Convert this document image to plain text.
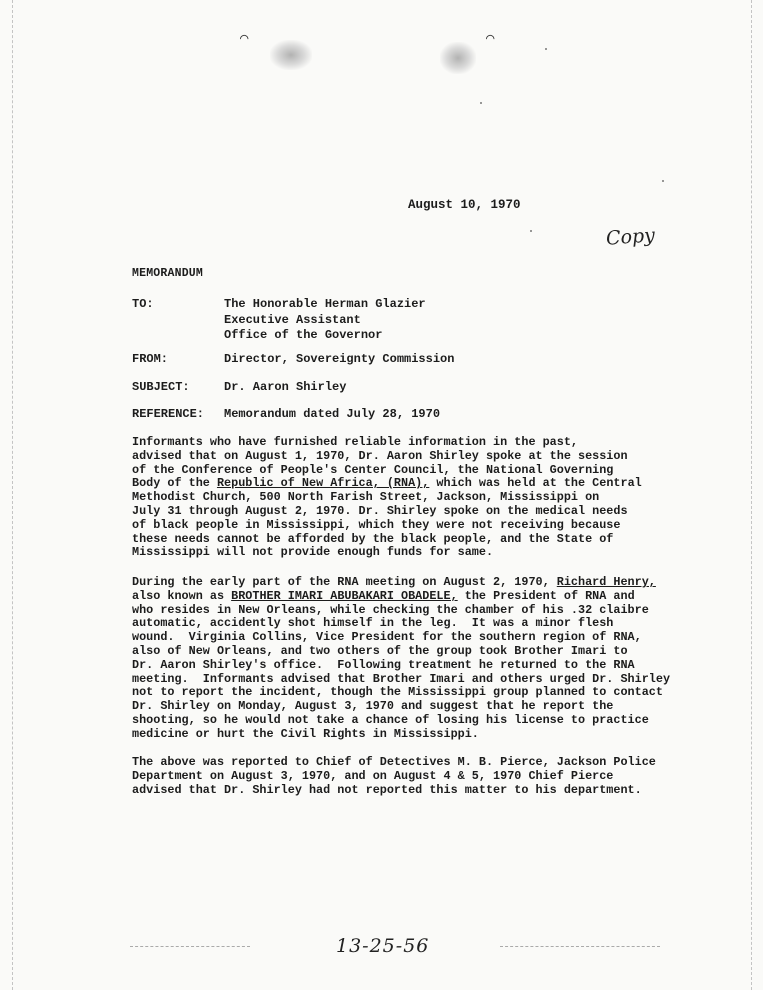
⌒	⌒
August 10, 1970
Copy
MEMORANDUM
TO:	The Honorable Herman Glazier
Executive Assistant
Office of the Governor
FROM:	Director, Sovereignty Commission
SUBJECT:	Dr. Aaron Shirley
REFERENCE:	Memorandum dated July 28, 1970
Informants who have furnished reliable information in the past,
advised that on August 1, 1970, Dr. Aaron Shirley spoke at the session
of the Conference of People's Center Council, the National Governing
Body of the Republic of New Africa, (RNA), which was held at the Central
Methodist Church, 500 North Farish Street, Jackson, Mississippi on
July 31 through August 2, 1970. Dr. Shirley spoke on the medical needs
of black people in Mississippi, which they were not receiving because
these needs cannot be afforded by the black people, and the State of
Mississippi will not provide enough funds for same.
During the early part of the RNA meeting on August 2, 1970, Richard Henry,
also known as BROTHER IMARI ABUBAKARI OBADELE, the President of RNA and
who resides in New Orleans, while checking the chamber of his .32 claibre
automatic, accidently shot himself in the leg.  It was a minor flesh
wound.  Virginia Collins, Vice President for the southern region of RNA,
also of New Orleans, and two others of the group took Brother Imari to
Dr. Aaron Shirley's office.  Following treatment he returned to the RNA
meeting.  Informants advised that Brother Imari and others urged Dr. Shirley
not to report the incident, though the Mississippi group planned to contact
Dr. Shirley on Monday, August 3, 1970 and suggest that he report the
shooting, so he would not take a chance of losing his license to practice
medicine or hurt the Civil Rights in Mississippi.
The above was reported to Chief of Detectives M. B. Pierce, Jackson Police
Department on August 3, 1970, and on August 4 & 5, 1970 Chief Pierce
advised that Dr. Shirley had not reported this matter to his department.
13-25-56
